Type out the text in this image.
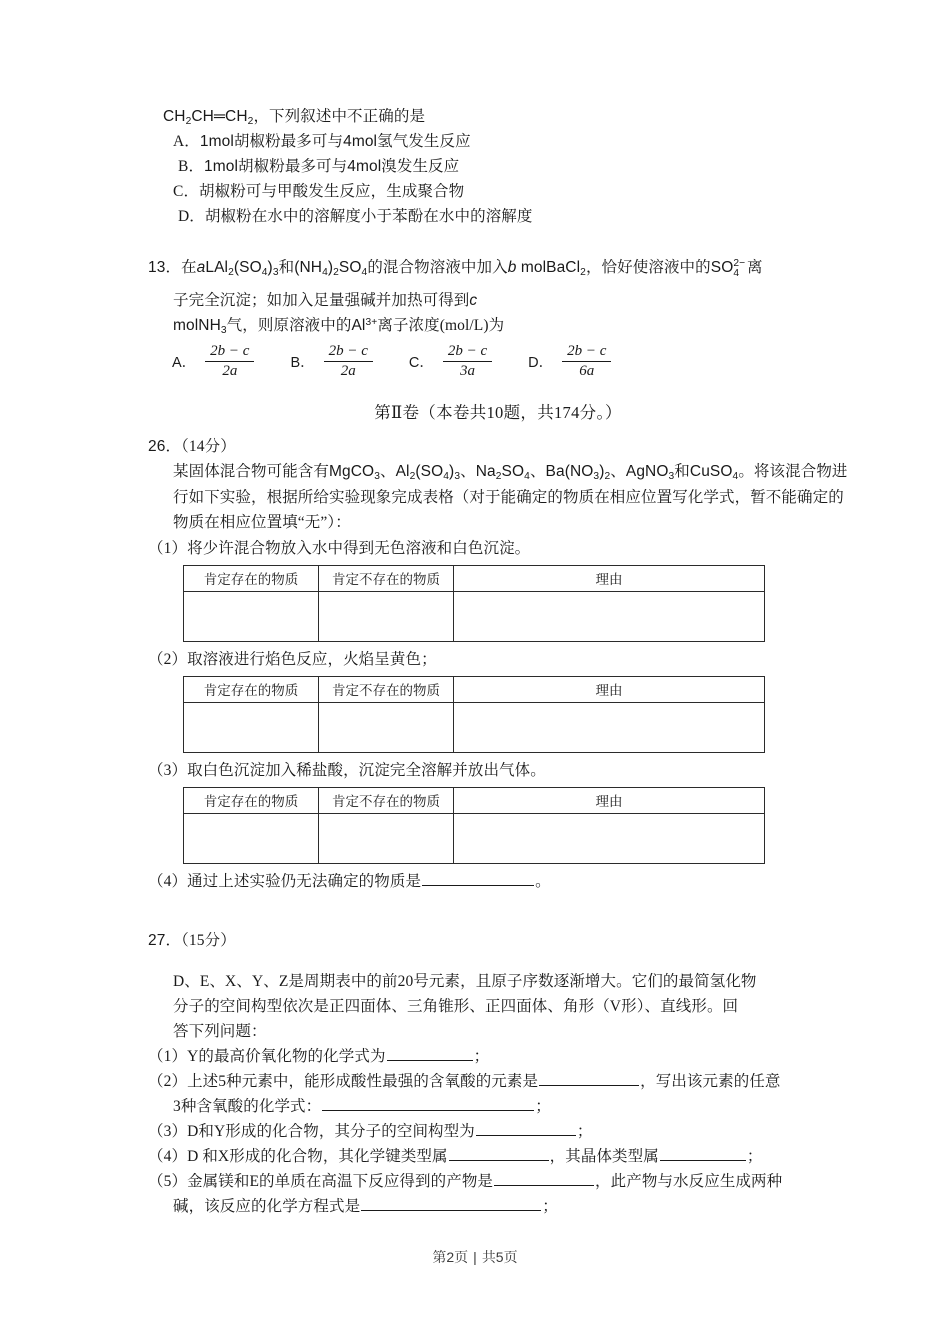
$CH_2CH═CH_2$，下列叙述中不正确的是
A．1mol胡椒粉最多可与4mol氢气发生反应
B．1mol胡椒粉最多可与4mol溴发生反应
C．胡椒粉可与甲酸发生反应，生成聚合物
D．胡椒粉在水中的溶解度小于苯酚在水中的溶解度
13．在$aLAl_2(SO_4)_3$和$(NH_4)_2SO_4$的混合物溶液中加入b molBaCl$_2$，恰好使溶液中的SO 2−
4 离
子完全沉淀；如加入足量强碱并加热可得到c
molNH$_3$气，则原溶液中的$Al^{3+}$离子浓度(mol/L)为
A． $\frac{2b - c}{2a}$ B． $\frac{2b - c}{2a}$ C． $\frac{2b - c}{3a}$ D． $\frac{2b - c}{6a}$
第Ⅱ卷（本卷共10题，共174分。）
26．（14分）
某固体混合物可能含有MgCO$_3$、$Al_2(SO_4)_3$、$Na_2SO_4$、$Ba(NO_3)_2$、AgNO$_3$和CuSO$_4$。将该混合物进行如下实验，根据所给实验现象完成表格（对于能确定的物质在相应位置写化学式，暂不能确定的物质在相应位置填“无”）：
（1）将少许混合物放入水中得到无色溶液和白色沉淀。
肯定存在的物质	肯定不存在的物质	理由

（2）取溶液进行焰色反应，火焰呈黄色；
肯定存在的物质	肯定不存在的物质	理由

（3）取白色沉淀加入稀盐酸，沉淀完全溶解并放出气体。
肯定存在的物质	肯定不存在的物质	理由

（4）通过上述实验仍无法确定的物质是	。
27．（15分）
D、E、X、Y、Z是周期表中的前20号元素，且原子序数逐渐增大。它们的最简氢化物
分子的空间构型依次是正四面体、三角锥形、正四面体、角形（V形）、直线形。回
答下列问题：
（1）Y的最高价氧化物的化学式为	；
（2）上述5种元素中，能形成酸性最强的含氧酸的元素是	，写出该元素的任意
3种含氧酸的化学式：	；
（3）D和Y形成的化合物，其分子的空间构型为	；
（4）D 和X形成的化合物，其化学键类型属	，其晶体类型属	；
（5）金属镁和E的单质在高温下反应得到的产物是	，此产物与水反应生成两种
碱，该反应的化学方程式是	；
第2页 | 共5页
